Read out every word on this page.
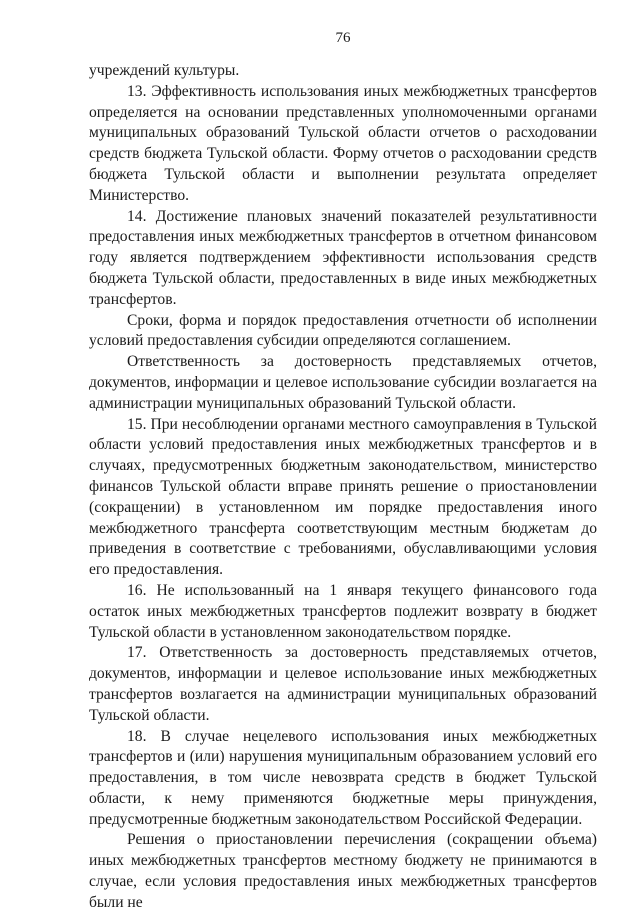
76

учреждений культуры.

13. Эффективность использования иных межбюджетных трансфертов определяется на основании представленных уполномоченными органами муниципальных образований Тульской области отчетов о расходовании средств бюджета Тульской области. Форму отчетов о расходовании средств бюджета Тульской области и выполнении результата определяет Министерство.

14. Достижение плановых значений показателей результативности предоставления иных межбюджетных трансфертов в отчетном финансовом году является подтверждением эффективности использования средств бюджета Тульской области, предоставленных в виде иных межбюджетных трансфертов.

Сроки, форма и порядок предоставления отчетности об исполнении условий предоставления субсидии определяются соглашением.

Ответственность за достоверность представляемых отчетов, документов, информации и целевое использование субсидии возлагается на администрации муниципальных образований Тульской области.

15. При несоблюдении органами местного самоуправления в Тульской области условий предоставления иных межбюджетных трансфертов и в случаях, предусмотренных бюджетным законодательством, министерство финансов Тульской области вправе принять решение о приостановлении (сокращении) в установленном им порядке предоставления иного межбюджетного трансферта соответствующим местным бюджетам до приведения в соответствие с требованиями, обуславливающими условия его предоставления.

16. Не использованный на 1 января текущего финансового года остаток иных межбюджетных трансфертов подлежит возврату в бюджет Тульской области в установленном законодательством порядке.

17. Ответственность за достоверность представляемых отчетов, документов, информации и целевое использование иных межбюджетных трансфертов возлагается на администрации муниципальных образований Тульской области.

18. В случае нецелевого использования иных межбюджетных трансфертов и (или) нарушения муниципальным образованием условий его предоставления, в том числе невозврата средств в бюджет Тульской области, к нему применяются бюджетные меры принуждения, предусмотренные бюджетным законодательством Российской Федерации.

Решения о приостановлении перечисления (сокращении объема) иных межбюджетных трансфертов местному бюджету не принимаются в случае, если условия предоставления иных межбюджетных трансфертов были не
